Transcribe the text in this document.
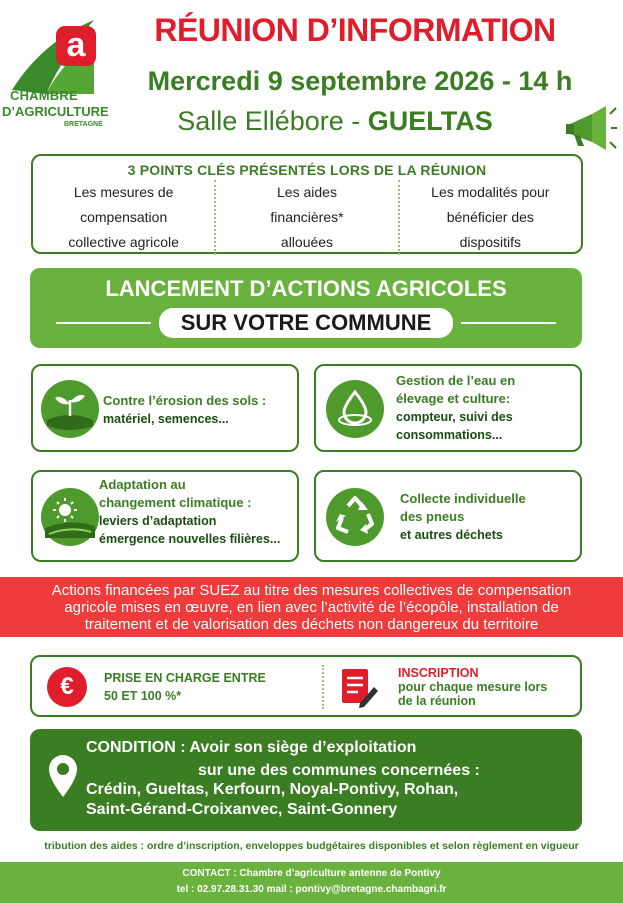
a
CHAMBRE
D’AGRICULTURE
BRETAGNE
RÉUNION D’INFORMATION
Mercredi 9 septembre 2026 - 14 h
Salle Ellébore - GUELTAS
3 POINTS CLÉS PRÉSENTÉS LORS DE LA RÉUNION
Les mesures de
compensation
collective agricole
Les aides
financières*
allouées
Les modalités pour
bénéficier des
dispositifs
LANCEMENT D’ACTIONS AGRICOLES
SUR VOTRE COMMUNE
Contre l’érosion des sols :
matériel, semences...
Gestion de l’eau en
élevage et culture:
compteur, suivi des
consommations...
Adaptation au
changement climatique :
leviers d’adaptation
émergence nouvelles filières...
Collecte individuelle
des pneus
et autres déchets
Actions financées par SUEZ au titre des mesures collectives de compensation
agricole mises en œuvre, en lien avec l’activité de l’écopôle, installation de
traitement et de valorisation des déchets non dangereux du territoire
€	PRISE EN CHARGE ENTRE
50 ET 100 %*
INSCRIPTION
pour chaque mesure lors
de la réunion
CONDITION : Avoir son siège d’exploitation
sur une des communes concernées :
Crédin, Gueltas, Kerfourn, Noyal-Pontivy, Rohan,
Saint-Gérand-Croixanvec, Saint-Gonnery
tribution des aides : ordre d’inscription, enveloppes budgétaires disponibles et selon règlement en vigueur
CONTACT : Chambre d’agriculture antenne de Pontivy
tel : 02.97.28.31.30 mail : pontivy@bretagne.chambagri.fr
